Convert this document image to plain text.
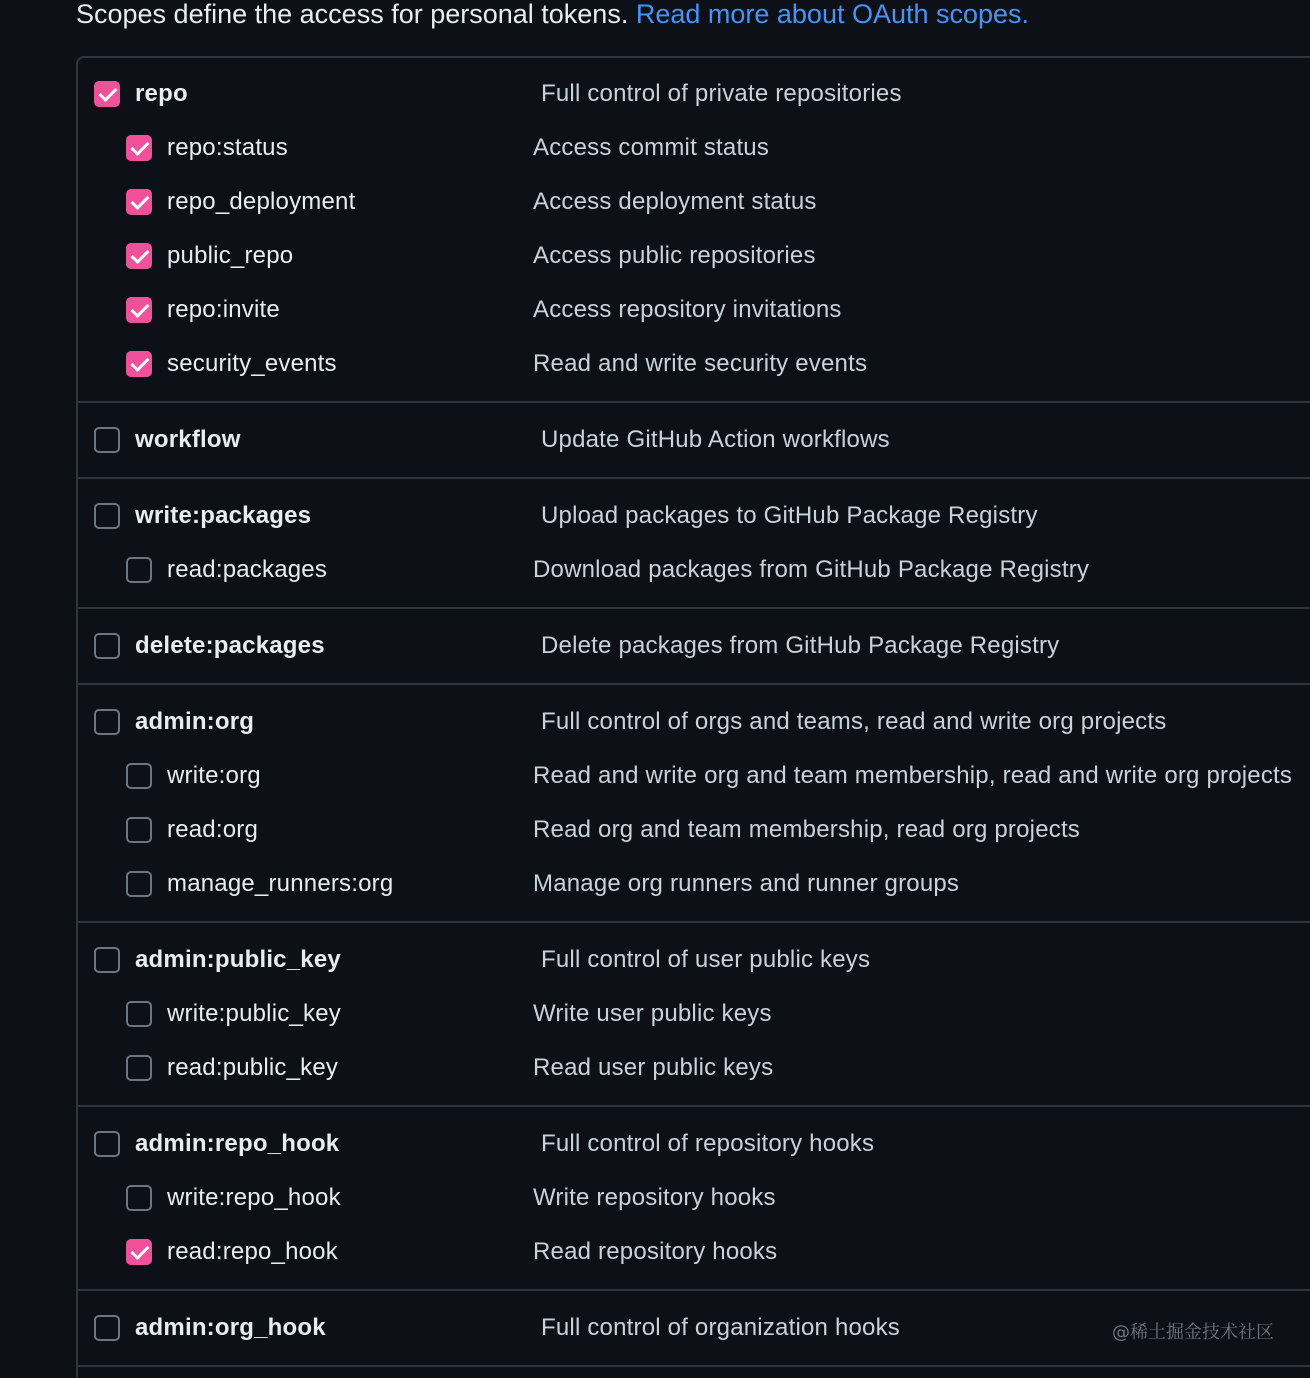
Scopes define the access for personal tokens. Read more about OAuth scopes.
repo	Full control of private repositories
repo:status	Access commit status
repo_deployment	Access deployment status
public_repo	Access public repositories
repo:invite	Access repository invitations
security_events	Read and write security events
workflow	Update GitHub Action workflows
write:packages	Upload packages to GitHub Package Registry
read:packages	Download packages from GitHub Package Registry
delete:packages	Delete packages from GitHub Package Registry
admin:org	Full control of orgs and teams, read and write org projects
write:org	Read and write org and team membership, read and write org projects
read:org	Read org and team membership, read org projects
manage_runners:org	Manage org runners and runner groups
admin:public_key	Full control of user public keys
write:public_key	Write user public keys
read:public_key	Read user public keys
admin:repo_hook	Full control of repository hooks
write:repo_hook	Write repository hooks
read:repo_hook	Read repository hooks
admin:org_hook	Full control of organization hooks	@稀土掘金技术社区
